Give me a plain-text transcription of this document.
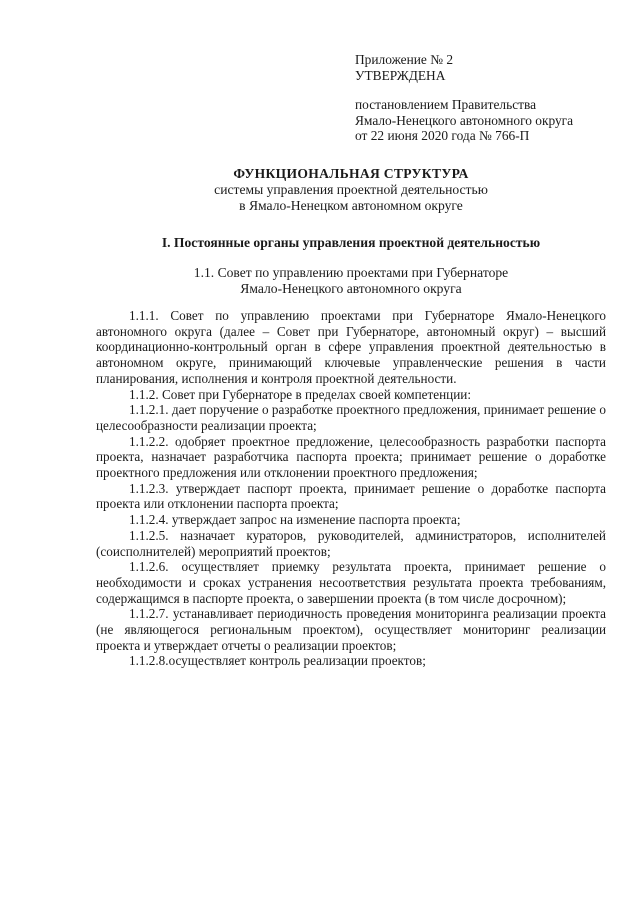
Приложение № 2
УТВЕРЖДЕНА
постановлением Правительства
Ямало-Ненецкого автономного округа
от 22 июня 2020 года № 766-П
ФУНКЦИОНАЛЬНАЯ СТРУКТУРА
системы управления проектной деятельностью
в Ямало-Ненецком автономном округе
I. Постоянные органы управления проектной деятельностью
1.1. Совет по управлению проектами при Губернаторе
Ямало-Ненецкого автономного округа

1.1.1. Совет по управлению проектами при Губернаторе Ямало-Ненецкого автономного округа (далее – Совет при Губернаторе, автономный округ) – высший координационно-контрольный орган в сфере управления проектной деятельностью в автономном округе, принимающий ключевые управленческие решения в части планирования, исполнения и контроля проектной деятельности.

1.1.2. Совет при Губернаторе в пределах своей компетенции:

1.1.2.1. дает поручение о разработке проектного предложения, принимает решение о целесообразности реализации проекта;

1.1.2.2. одобряет проектное предложение, целесообразность разработки паспорта проекта, назначает разработчика паспорта проекта; принимает решение о доработке проектного предложения или отклонении проектного предложения;

1.1.2.3. утверждает паспорт проекта, принимает решение о доработке паспорта проекта или отклонении паспорта проекта;

1.1.2.4. утверждает запрос на изменение паспорта проекта;

1.1.2.5. назначает кураторов, руководителей, администраторов, исполнителей (соисполнителей) мероприятий проектов;

1.1.2.6. осуществляет приемку результата проекта, принимает решение о необходимости и сроках устранения несоответствия результата проекта требованиям, содержащимся в паспорте проекта, о завершении проекта (в том числе досрочном);

1.1.2.7. устанавливает периодичность проведения мониторинга реализации проекта (не являющегося региональным проектом), осуществляет мониторинг реализации проекта и утверждает отчеты о реализации проектов;

1.1.2.8.осуществляет контроль реализации проектов;
